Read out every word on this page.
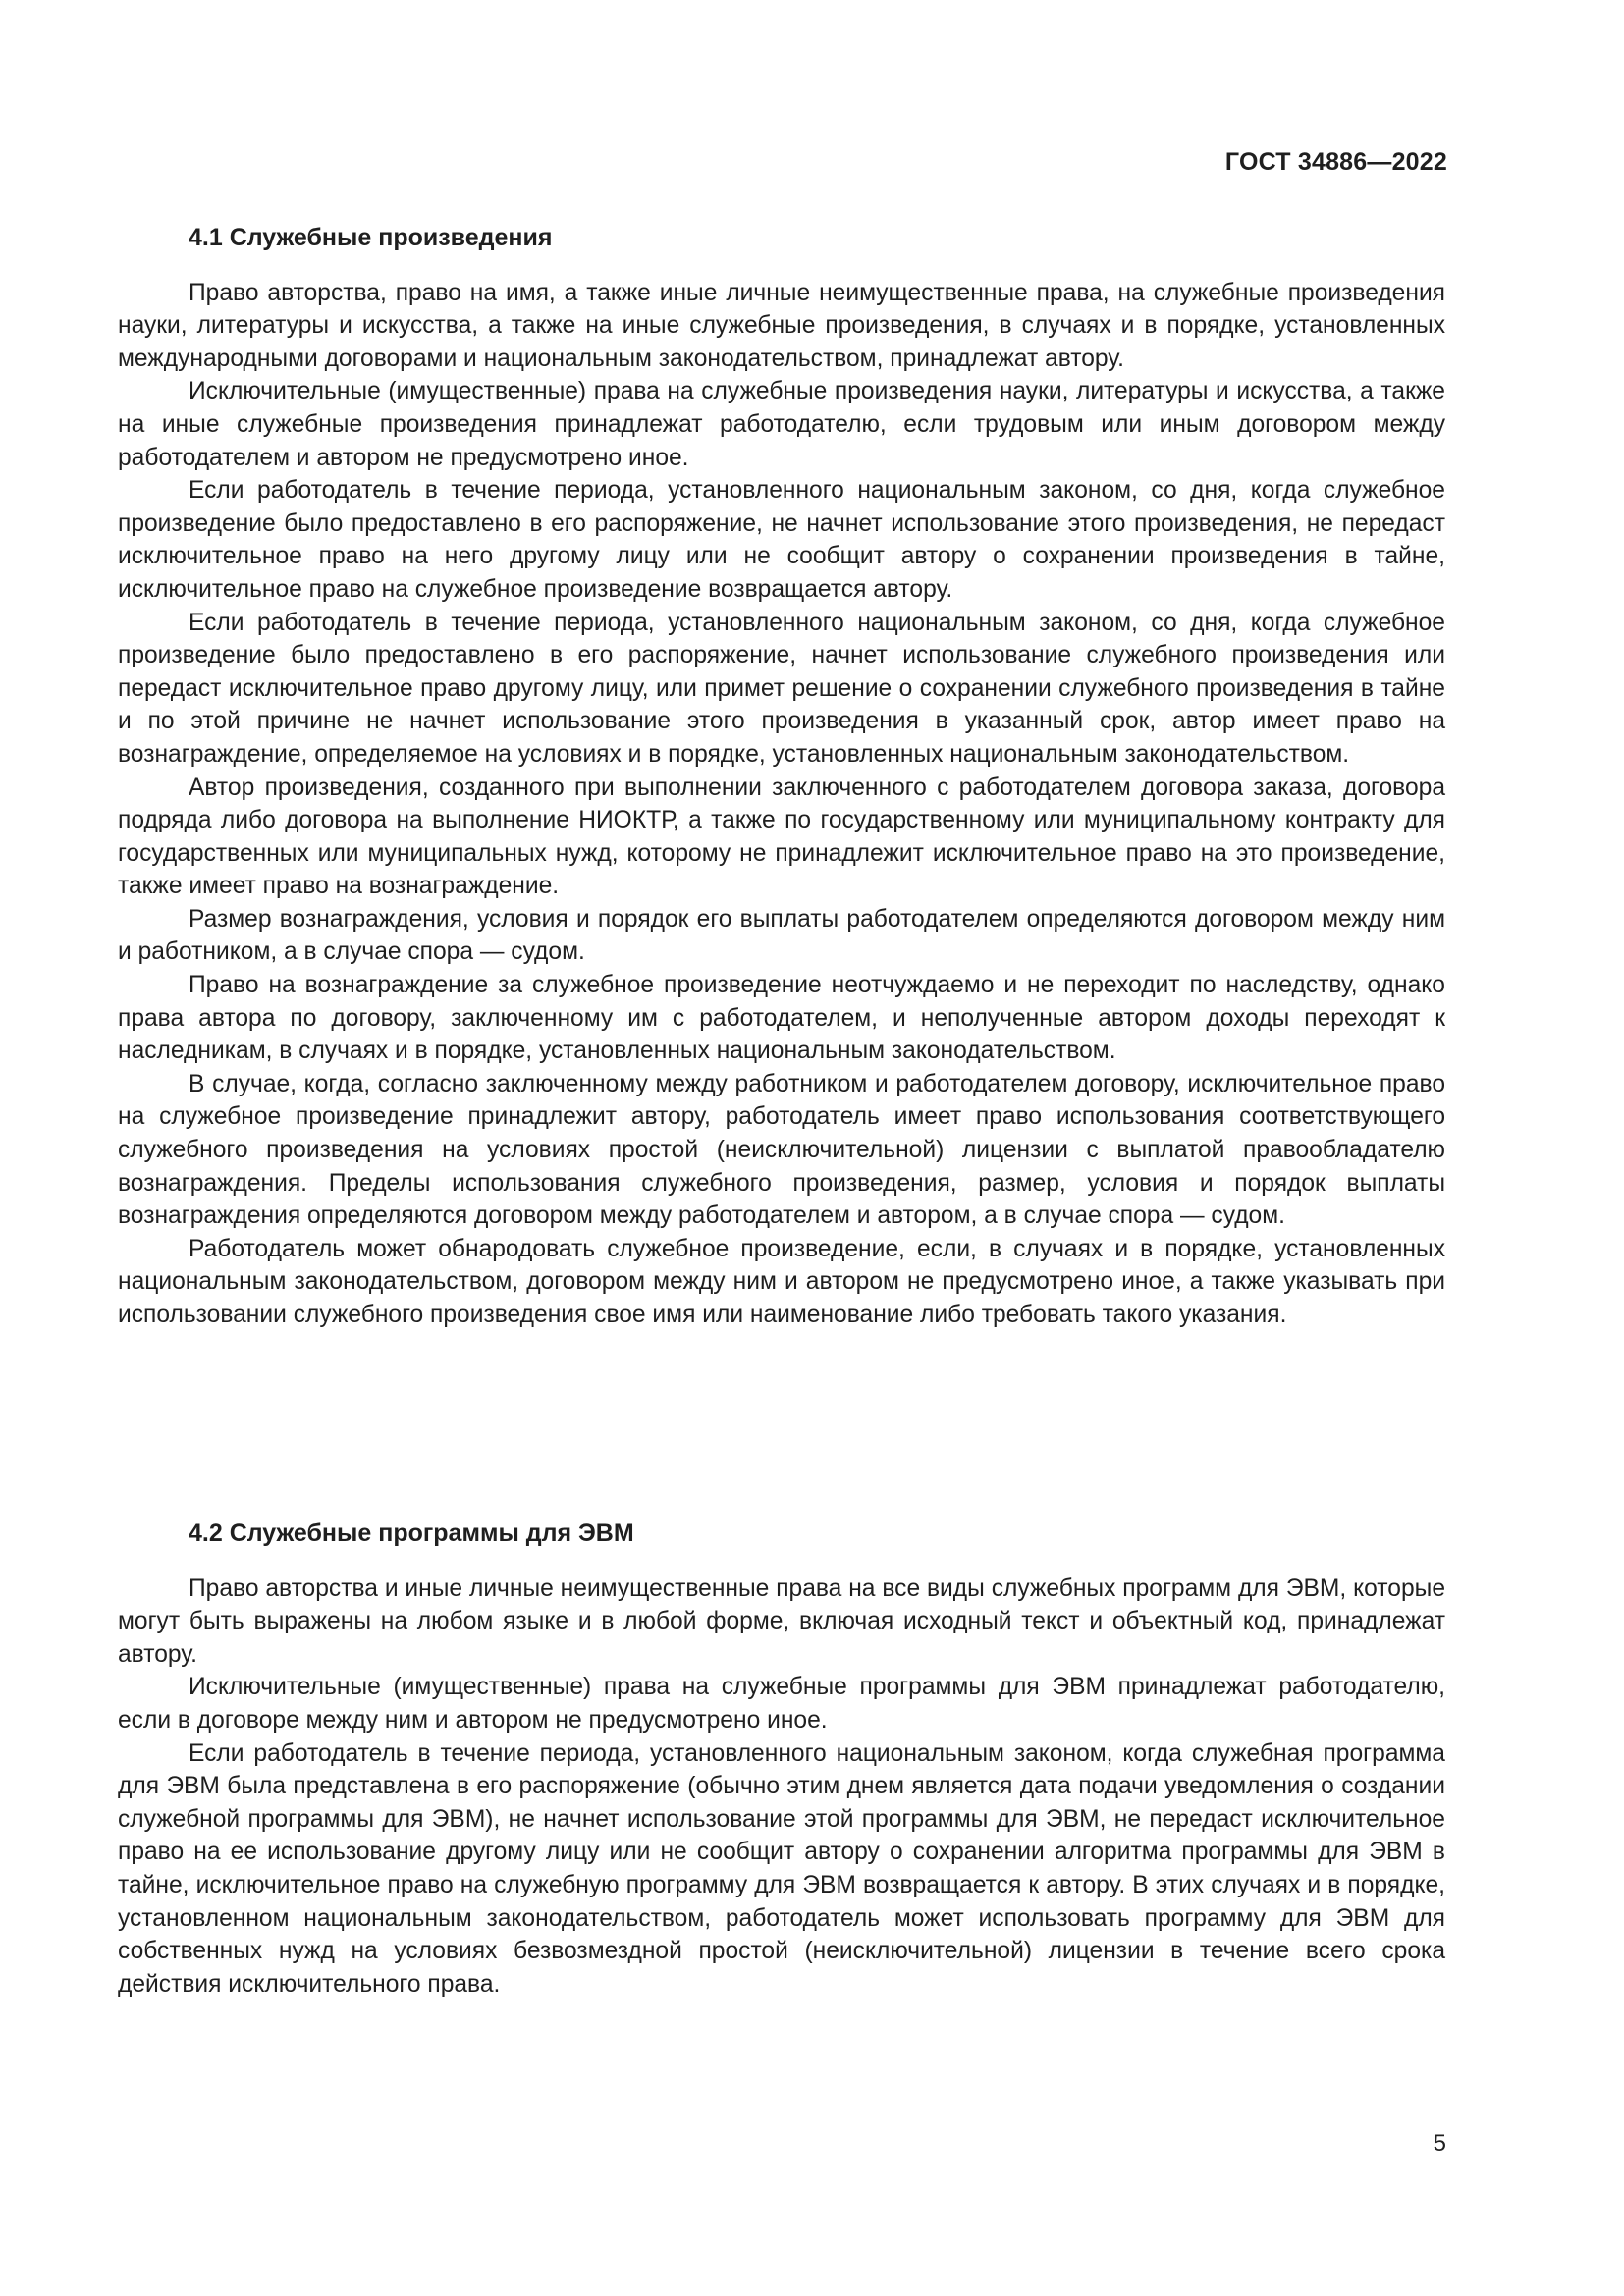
ГОСТ 34886—2022
4.1 Служебные произведения

Право авторства, право на имя, а также иные личные неимущественные права, на служебные произведения науки, литературы и искусства, а также на иные служебные произведения, в случаях и в порядке, установленных международными договорами и национальным законодательством, принадлежат автору.

Исключительные (имущественные) права на служебные произведения науки, литературы и искусства, а также на иные служебные произведения принадлежат работодателю, если трудовым или иным договором между работодателем и автором не предусмотрено иное.

Если работодатель в течение периода, установленного национальным законом, со дня, когда служебное произведение было предоставлено в его распоряжение, не начнет использование этого произведения, не передаст исключительное право на него другому лицу или не сообщит автору о сохранении произведения в тайне, исключительное право на служебное произведение возвращается автору.

Если работодатель в течение периода, установленного национальным законом, со дня, когда служебное произведение было предоставлено в его распоряжение, начнет использование служебного произведения или передаст исключительное право другому лицу, или примет решение о сохранении служебного произведения в тайне и по этой причине не начнет использование этого произведения в указанный срок, автор имеет право на вознаграждение, определяемое на условиях и в порядке, установленных национальным законодательством.

Автор произведения, созданного при выполнении заключенного с работодателем договора заказа, договора подряда либо договора на выполнение НИОКТР, а также по государственному или муниципальному контракту для государственных или муниципальных нужд, которому не принадлежит исключительное право на это произведение, также имеет право на вознаграждение.

Размер вознаграждения, условия и порядок его выплаты работодателем определяются договором между ним и работником, а в случае спора — судом.

Право на вознаграждение за служебное произведение неотчуждаемо и не переходит по наследству, однако права автора по договору, заключенному им с работодателем, и неполученные автором доходы переходят к наследникам, в случаях и в порядке, установленных национальным законодательством.

В случае, когда, согласно заключенному между работником и работодателем договору, исключительное право на служебное произведение принадлежит автору, работодатель имеет право использования соответствующего служебного произведения на условиях простой (неисключительной) лицензии с выплатой правообладателю вознаграждения. Пределы использования служебного произведения, размер, условия и порядок выплаты вознаграждения определяются договором между работодателем и автором, а в случае спора — судом.

Работодатель может обнародовать служебное произведение, если, в случаях и в порядке, установленных национальным законодательством, договором между ним и автором не предусмотрено иное, а также указывать при использовании служебного произведения свое имя или наименование либо требовать такого указания.

4.2 Служебные программы для ЭВМ

Право авторства и иные личные неимущественные права на все виды служебных программ для ЭВМ, которые могут быть выражены на любом языке и в любой форме, включая исходный текст и объектный код, принадлежат автору.

Исключительные (имущественные) права на служебные программы для ЭВМ принадлежат работодателю, если в договоре между ним и автором не предусмотрено иное.

Если работодатель в течение периода, установленного национальным законом, когда служебная программа для ЭВМ была представлена в его распоряжение (обычно этим днем является дата подачи уведомления о создании служебной программы для ЭВМ), не начнет использование этой программы для ЭВМ, не передаст исключительное право на ее использование другому лицу или не сообщит автору о сохранении алгоритма программы для ЭВМ в тайне, исключительное право на служебную программу для ЭВМ возвращается к автору. В этих случаях и в порядке, установленном национальным законодательством, работодатель может использовать программу для ЭВМ для собственных нужд на условиях безвозмездной простой (неисключительной) лицензии в течение всего срока действия исключительного права.

5
